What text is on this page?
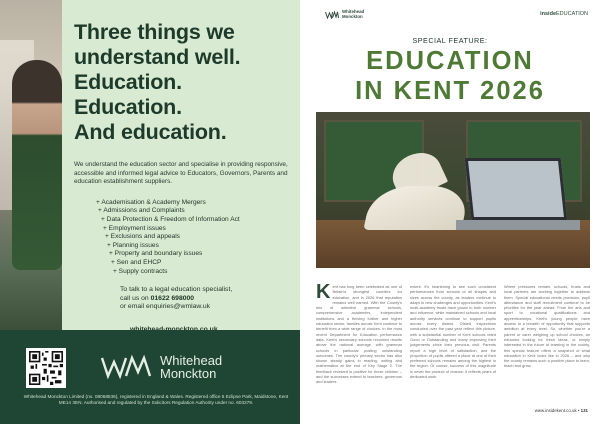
Three things we
understand well.
Education. Education.
And education.

We understand the education sector and specialise in providing responsive, accessible and informed legal advice to Educators, Governors, Parents and education establishment suppliers.

+ Academisation & Academy Mergers
+ Admissions and Complaints
+ Data Protection & Freedom of Information Act
+ Employment issues
+ Exclusions and appeals
+ Planning issues
+ Property and boundary issues
+ Sen and EHCP
+ Supply contracts
To talk to a legal education specialist,
call us on 01622 698000
or email enquiries@wmlaw.uk
Whitehead
Monckton

Whitehead Monckton Limited (no. 08068536), registered in England & Wales. Registered office 5 Eclipse Park, Maidstone, Kent ME14 3EN. Authorised and regulated by the Solicitors Regulation Authority under no. 603279.

Whitehead
Monckton	insideEDUCATION
SPECIAL FEATURE:
EDUCATION
IN KENT 2026
Kent has long been celebrated as one of Britain's strongest counties for education, and in 2026 that reputation remains well earned. With the County's mix of selective grammar schools, comprehensive academies, independent institutions and a thriving further and higher education sector, families across Kent continue to benefit from a wide range of choices. In the most recent Department for Education performance data, Kent's secondary schools recorded results above the national average, with grammar schools in particular posting outstanding outcomes. The county's primary sector has also shown steady gains in reading, writing and mathematics at the end of Key Stage 2. The feedback received is positive for those children – and the successes extend to teachers, governors and leaders.
extent. It's heartening to see such consistent performances from schools of all shapes and sizes across the county, as leaders continue to adapt to new challenges and opportunities. Kent's multi-academy trusts have grown in both number and influence, while maintained schools and local authority services continue to support pupils across every district. Ofsted inspections conducted over the past year reflect this picture, with a substantial number of Kent schools rated Good or Outstanding and many improving their judgements since their previous visit. Parents report a high level of satisfaction, and the proportion of pupils offered a place at one of their preferred schools remains among the highest in the region. Of course, success of this magnitude is never the product of chance; it reflects years of dedicated work.
Where pressures remain, schools, trusts and local partners are working together to address them. Special educational needs provision, pupil attendance and staff recruitment continue to be priorities for the year ahead. From the arts and sport to vocational qualifications and apprenticeships, Kent's young people have access to a breadth of opportunity that supports ambition at every level. So, whether you're a parent or carer weighing up school choices, an educator looking for fresh ideas, or simply interested in the future of learning in the county, this special feature offers a snapshot of what education in Kent looks like in 2026 – and why the county remains such a positive place to learn, teach and grow.
www.insidekent.co.uk • 131
